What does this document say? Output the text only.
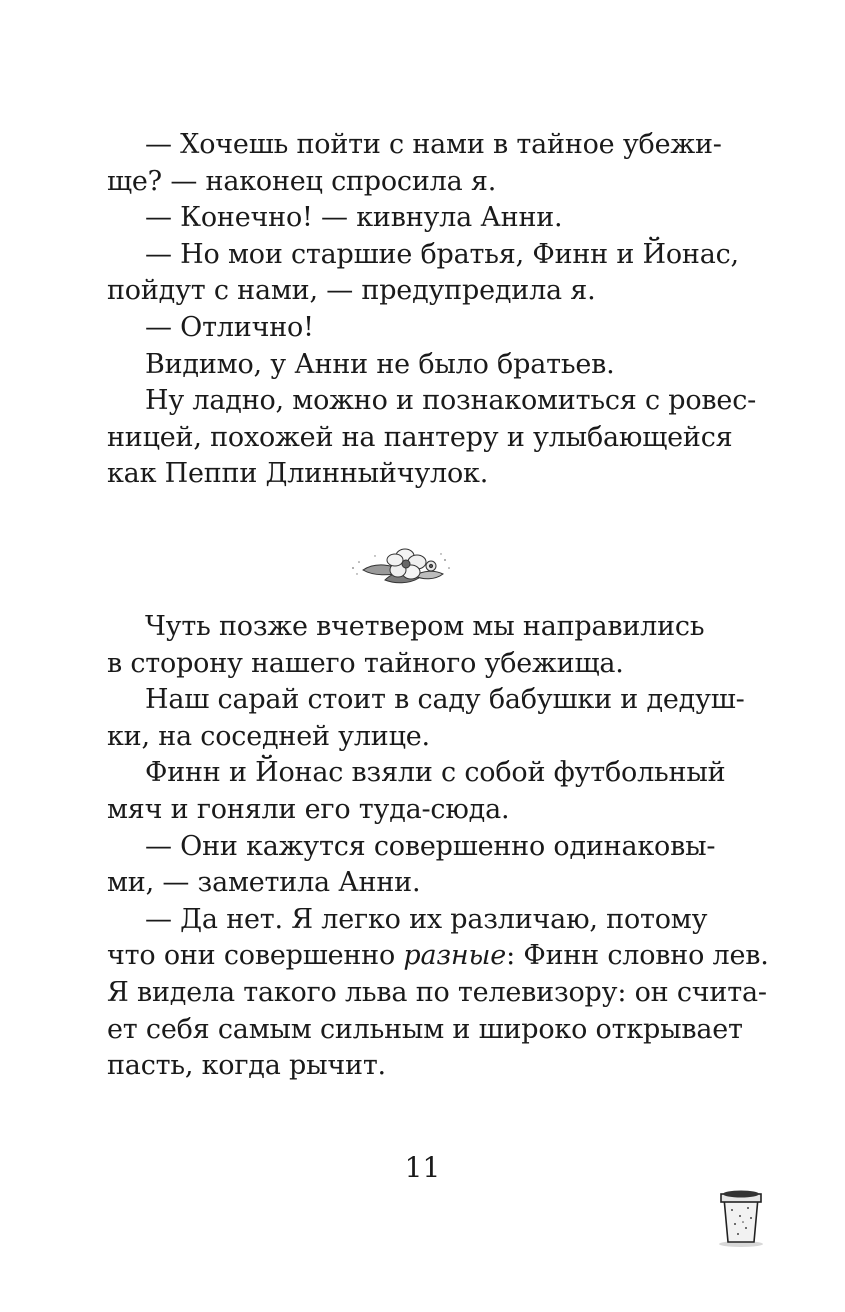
— Хочешь пойти с нами в тайное убежи-
ще? — наконец спросила я.
— Конечно! — кивнула Анни.
— Но мои старшие братья, Финн и Йонас,
пойдут с нами, — предупредила я.
— Отлично!
Видимо, у Анни не было братьев.
Ну ладно, можно и познакомиться с ровес-
ницей, похожей на пантеру и улыбающейся
как Пеппи Длинныйчулок.
Чуть позже вчетвером мы направились
в сторону нашего тайного убежища.
Наш сарай стоит в саду бабушки и дедуш-
ки, на соседней улице.
Финн и Йонас взяли с собой футбольный
мяч и гоняли его туда-сюда.
— Они кажутся совершенно одинаковы-
ми, — заметила Анни.
— Да нет. Я легко их различаю, потому
что они совершенно разные: Финн словно лев.
Я видела такого льва по телевизору: он счита-
ет себя самым сильным и широко открывает
пасть, когда рычит.
11
